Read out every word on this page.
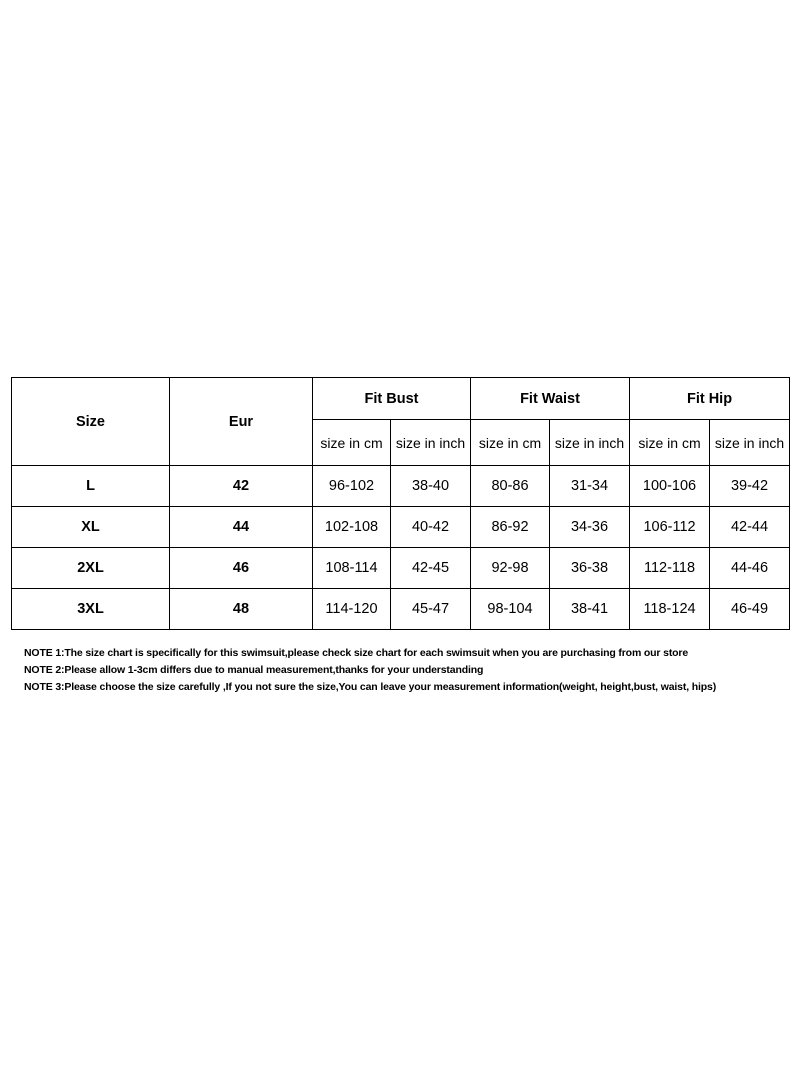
Size	Eur	Fit Bust		Fit Waist		Fit Hip	
		size in cm	size in inch	size in cm	size in inch	size in cm	size in inch
L	42	96-102	38-40	80-86	31-34	100-106	39-42
XL	44	102-108	40-42	86-92	34-36	106-112	42-44
2XL	46	108-114	42-45	92-98	36-38	112-118	44-46
3XL	48	114-120	45-47	98-104	38-41	118-124	46-49
NOTE 1:The size chart is specifically for this swimsuit,please check size chart for each swimsuit when you are purchasing from our store
NOTE 2:Please allow 1-3cm differs due to manual measurement,thanks for your understanding
NOTE 3:Please choose the size carefully ,If you not sure the size,You can leave your measurement information(weight, height,bust, waist, hips)
